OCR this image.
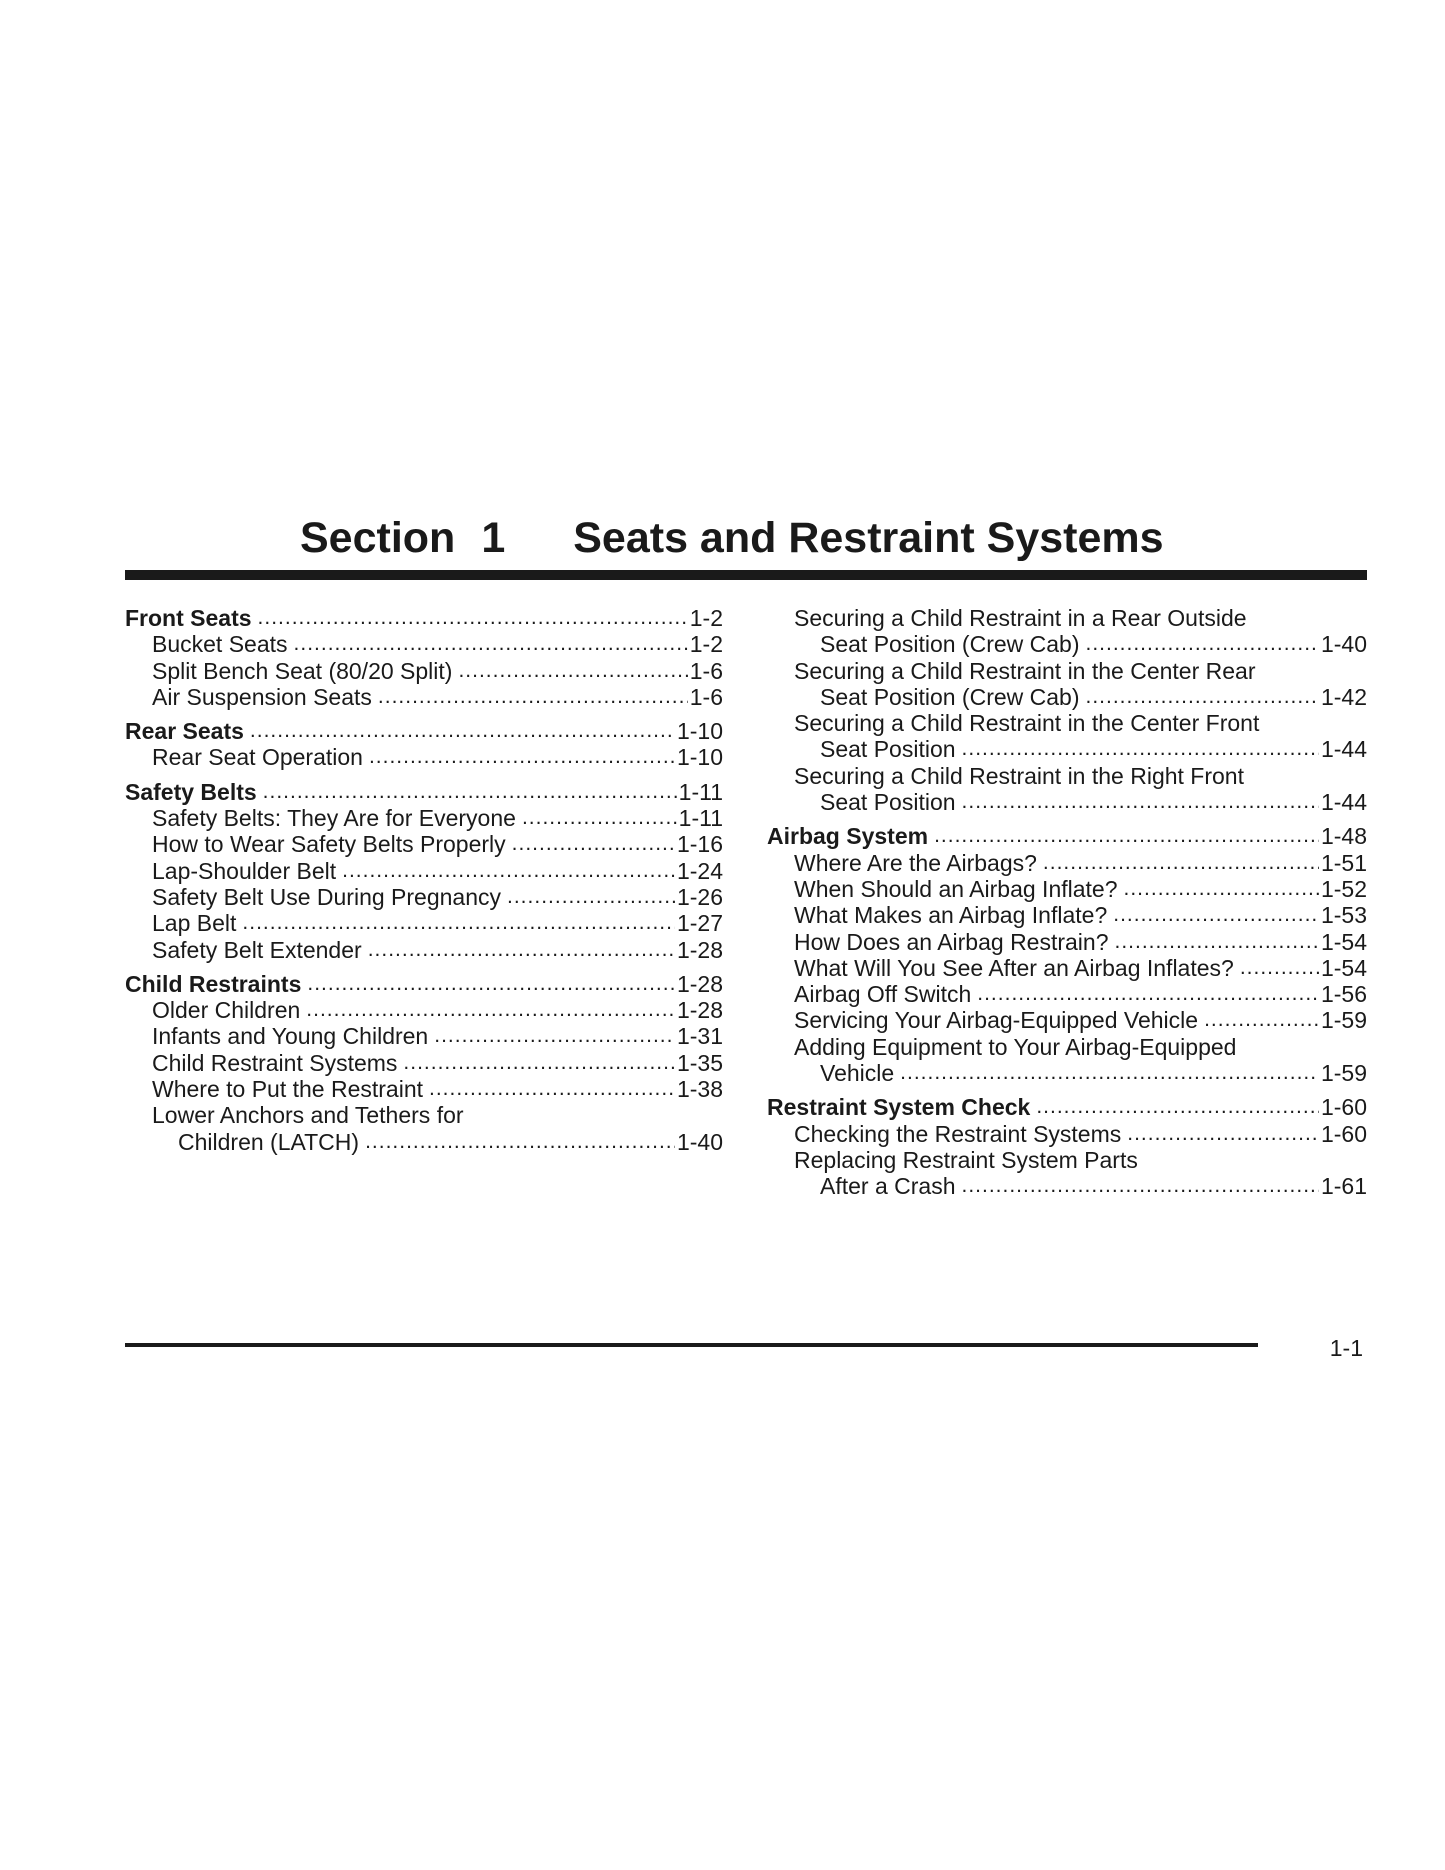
Section 1 Seats and Restraint Systems
Front Seats .....	1-2
Bucket Seats .....	1-2
Split Bench Seat (80/20 Split) .....	1-6
Air Suspension Seats .....	1-6
Rear Seats .....	1-10
Rear Seat Operation .....	1-10
Safety Belts .....	1-11
Safety Belts: They Are for Everyone .....	1-11
How to Wear Safety Belts Properly .....	1-16
Lap-Shoulder Belt .....	1-24
Safety Belt Use During Pregnancy .....	1-26
Lap Belt .....	1-27
Safety Belt Extender .....	1-28
Child Restraints .....	1-28
Older Children .....	1-28
Infants and Young Children .....	1-31
Child Restraint Systems .....	1-35
Where to Put the Restraint .....	1-38
Lower Anchors and Tethers for
Children (LATCH) .....	1-40
Securing a Child Restraint in a Rear Outside
Seat Position (Crew Cab) .....	1-40
Securing a Child Restraint in the Center Rear
Seat Position (Crew Cab) .....	1-42
Securing a Child Restraint in the Center Front
Seat Position .....	1-44
Securing a Child Restraint in the Right Front
Seat Position .....	1-44
Airbag System .....	1-48
Where Are the Airbags? .....	1-51
When Should an Airbag Inflate? .....	1-52
What Makes an Airbag Inflate? .....	1-53
How Does an Airbag Restrain? .....	1-54
What Will You See After an Airbag Inflates? .....	1-54
Airbag Off Switch .....	1-56
Servicing Your Airbag-Equipped Vehicle .....	1-59
Adding Equipment to Your Airbag-Equipped
Vehicle .....	1-59
Restraint System Check .....	1-60
Checking the Restraint Systems .....	1-60
Replacing Restraint System Parts
After a Crash .....	1-61
1-1
